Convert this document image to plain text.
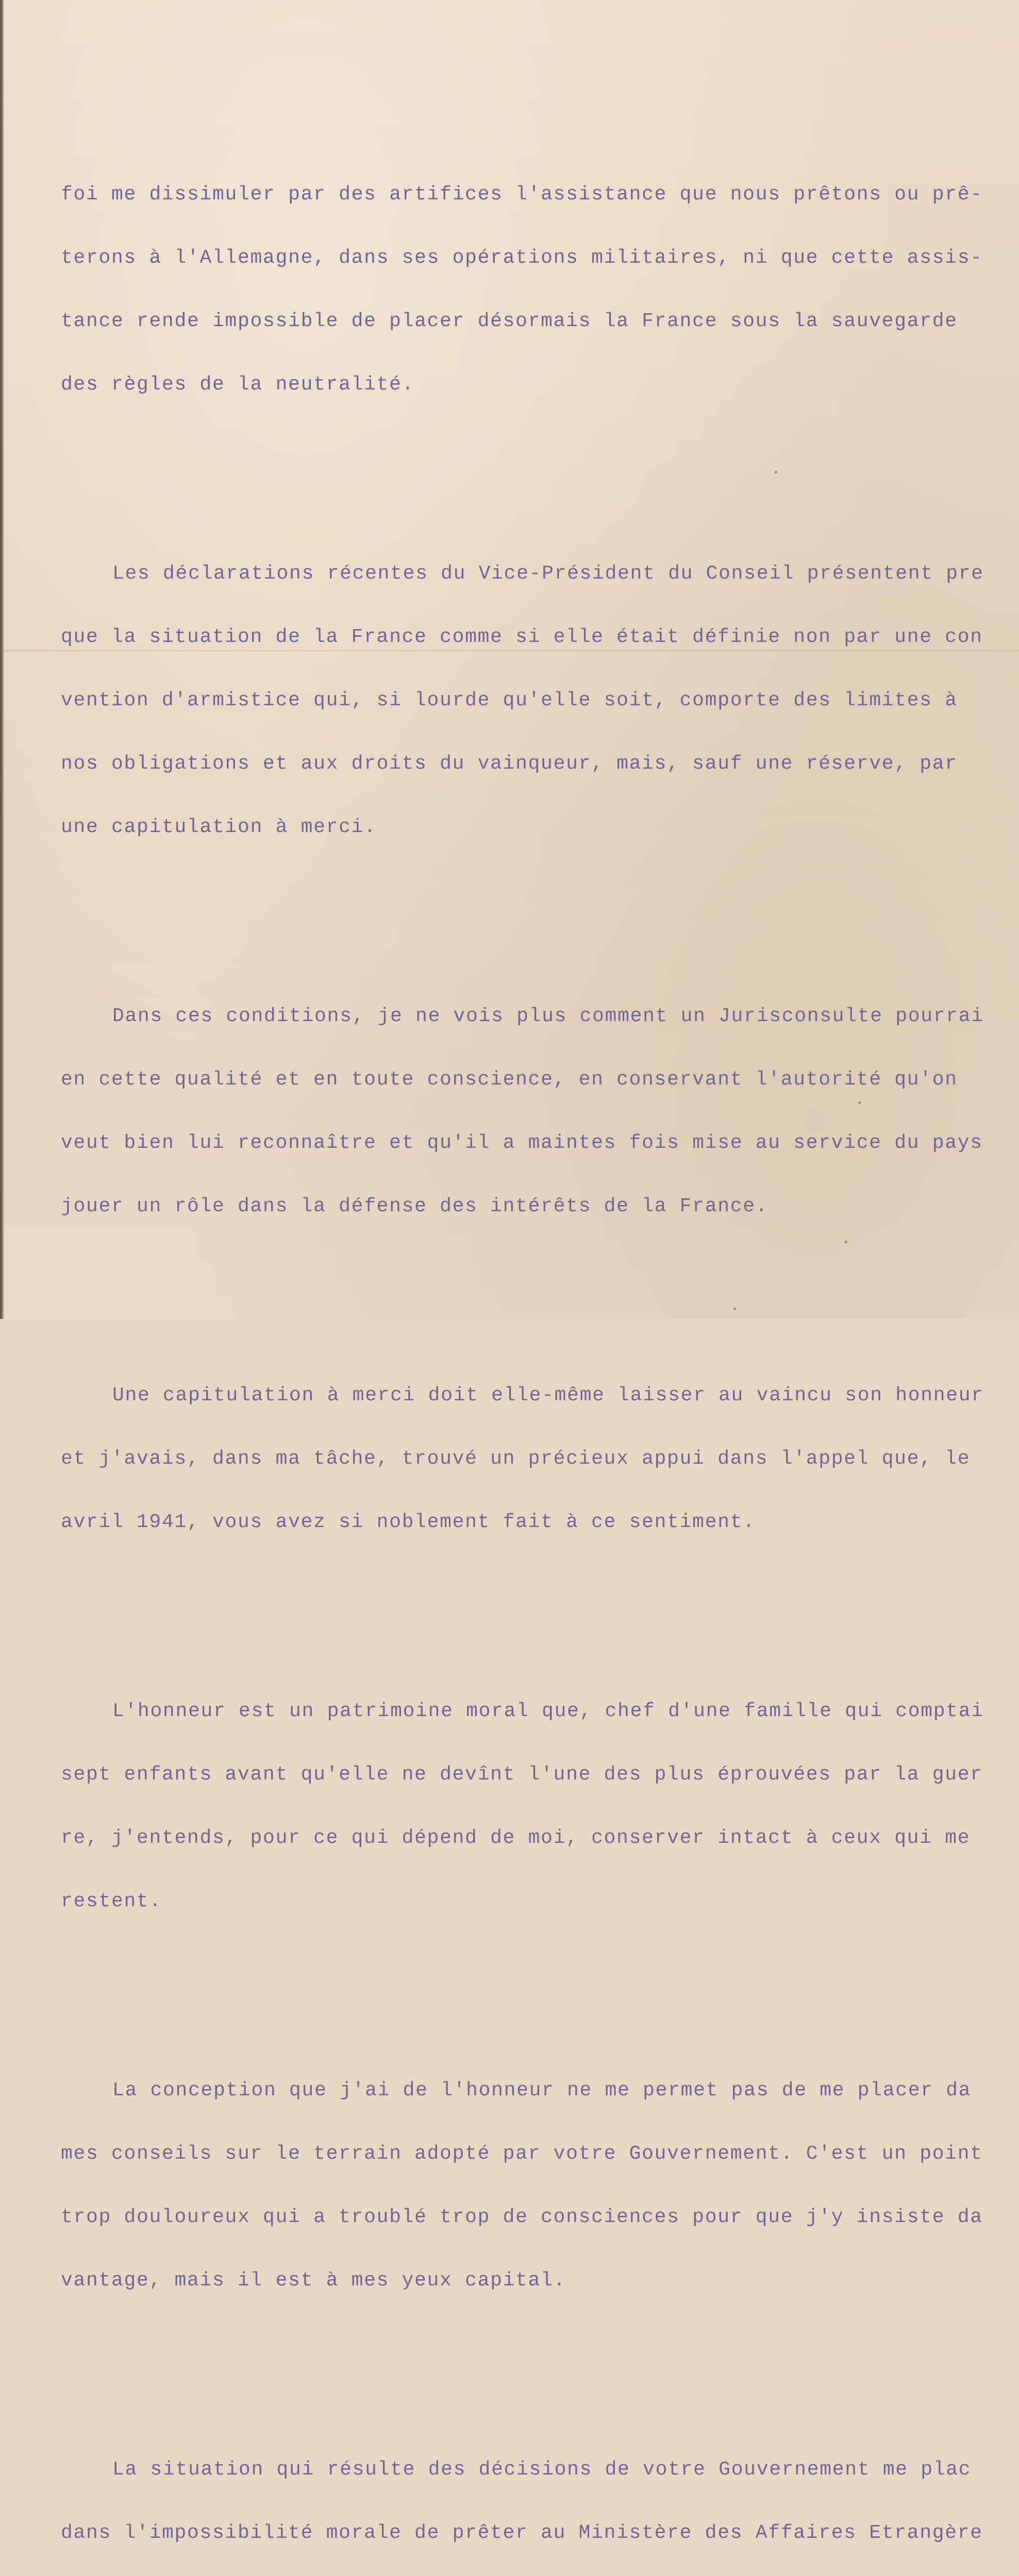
foi me dissimuler par des artifices l'assistance que nous prêtons ou prê-

terons à l'Allemagne, dans ses opérations militaires, ni que cette assis-

tance rende impossible de placer désormais la France sous la sauvegarde

des règles de la neutralité.

Les déclarations récentes du Vice-Président du Conseil présentent pre

que la situation de la France comme si elle était définie non par une con

vention d'armistice qui, si lourde qu'elle soit, comporte des limites à

nos obligations et aux droits du vainqueur, mais, sauf une réserve, par

une capitulation à merci.

Dans ces conditions, je ne vois plus comment un Jurisconsulte pourrai

en cette qualité et en toute conscience, en conservant l'autorité qu'on

veut bien lui reconnaître et qu'il a maintes fois mise au service du pays

jouer un rôle dans la défense des intérêts de la France.

Une capitulation à merci doit elle-même laisser au vaincu son honneur

et j'avais, dans ma tâche, trouvé un précieux appui dans l'appel que, le

avril 1941, vous avez si noblement fait à ce sentiment.

L'honneur est un patrimoine moral que, chef d'une famille qui comptai

sept enfants avant qu'elle ne devînt l'une des plus éprouvées par la guer

re, j'entends, pour ce qui dépend de moi, conserver intact à ceux qui me

restent.

La conception que j'ai de l'honneur ne me permet pas de me placer da

mes conseils sur le terrain adopté par votre Gouvernement. C'est un point

trop douloureux qui a troublé trop de consciences pour que j'y insiste da

vantage, mais il est à mes yeux capital.

La situation qui résulte des décisions de votre Gouvernement me plac

dans l'impossibilité morale de prêter au Ministère des Affaires Etrangère
